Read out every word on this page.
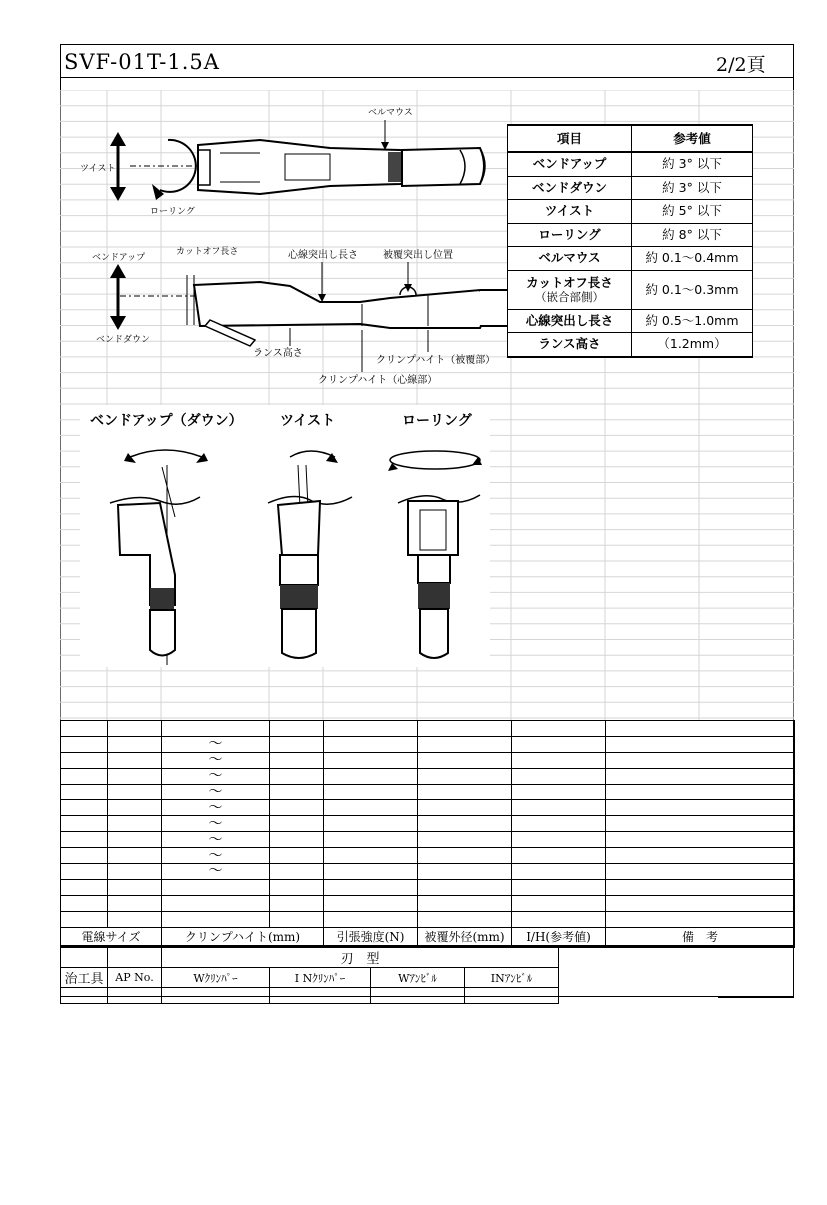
SVF-01T-1.5A	2/2頁
ツイスト
ローリング
ベルマウス
ベンドアップ
ベンドダウン
カットオフ長さ	心線突出し長さ	被覆突出し位置
ランス高さ
クリンプハイト（心線部）
クリンプハイト（被覆部）
項目	参考値
ベンドアップ	約 3° 以下
ベンドダウン	約 3° 以下
ツイスト	約 5° 以下
ローリング	約 8° 以下
ベルマウス	約 0.1～0.4mm
カットオフ長さ
（嵌合部側）	約 0.1～0.3mm
心線突出し長さ	約 0.5～1.0mm
ランス高さ	（1.2mm）
ベンドアップ（ダウン）	ツイスト	ローリング

		～					
		～					
		～					
		～					
		～					
		～					
		～					
		～					
		～					

電線サイズ		クリンプハイト(mm)		引張強度(N)	被覆外径(mm)	I/H(参考値)	備　考
		刃　型				
治工具	AP No.	Wｸﾘﾝﾊﾟｰ	I Nｸﾘﾝﾊﾟｰ	Wｱﾝﾋﾞﾙ	INｱﾝﾋﾞﾙ	
